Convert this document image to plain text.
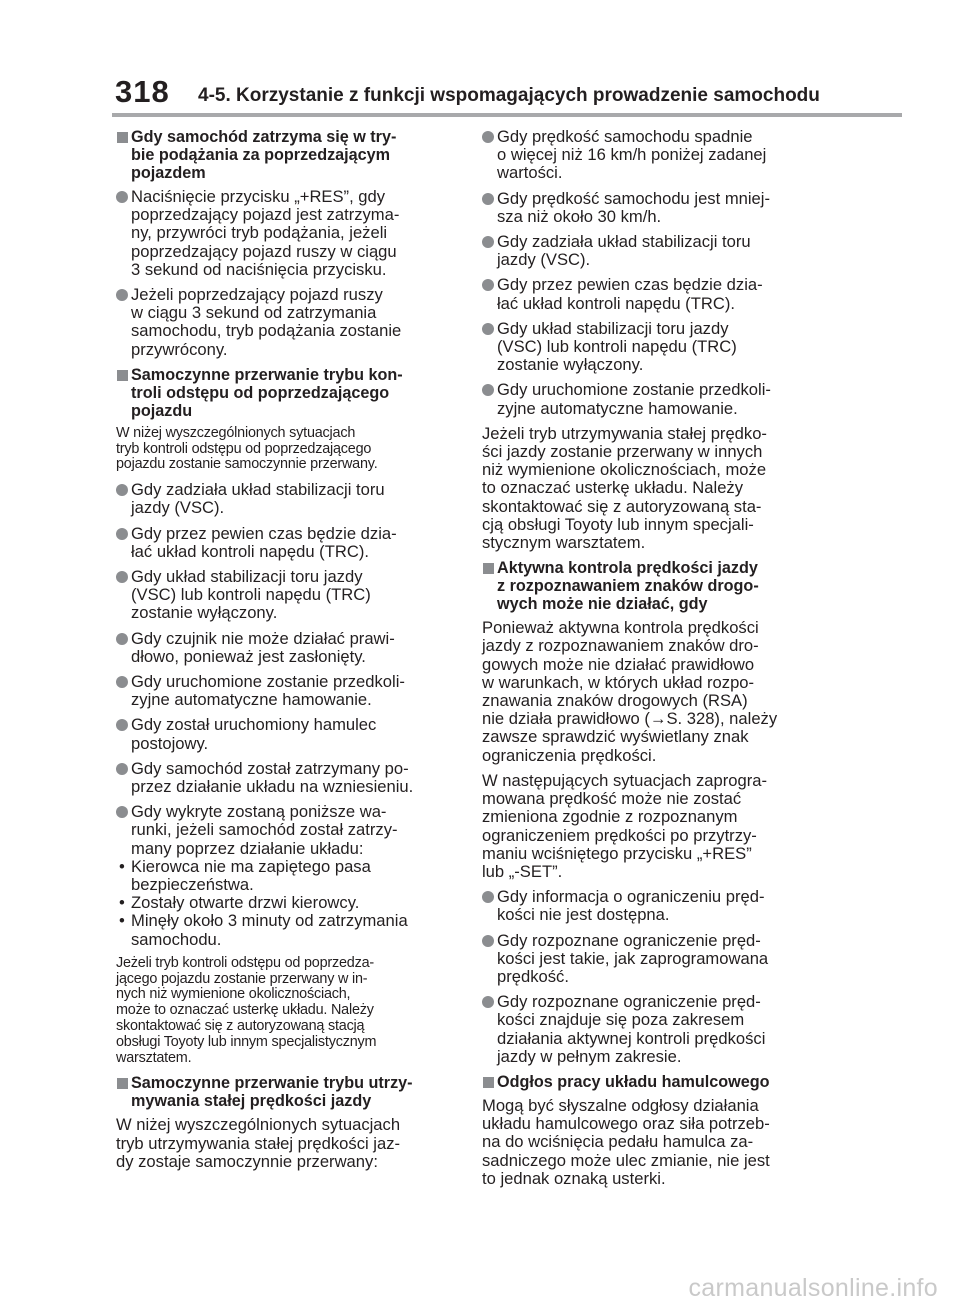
318 4-5. Korzystanie z funkcji wspomagających prowadzenie samochodu
Gdy samochód zatrzyma się w try-
bie podążania za poprzedzającym
pojazdem
Naciśnięcie przycisku „+RES”, gdy
poprzedzający pojazd jest zatrzyma-
ny, przywróci tryb podążania, jeżeli
poprzedzający pojazd ruszy w ciągu
3 sekund od naciśnięcia przycisku.
Jeżeli poprzedzający pojazd ruszy
w ciągu 3 sekund od zatrzymania
samochodu, tryb podążania zostanie
przywrócony.
Samoczynne przerwanie trybu kon-
troli odstępu od poprzedzającego
pojazdu
W niżej wyszczególnionych sytuacjach
tryb kontroli odstępu od poprzedzającego
pojazdu zostanie samoczynnie przerwany.
Gdy zadziała układ stabilizacji toru
jazdy (VSC).
Gdy przez pewien czas będzie dzia-
łać układ kontroli napędu (TRC).
Gdy układ stabilizacji toru jazdy
(VSC) lub kontroli napędu (TRC)
zostanie wyłączony.
Gdy czujnik nie może działać prawi-
dłowo, ponieważ jest zasłonięty.
Gdy uruchomione zostanie przedkoli-
zyjne automatyczne hamowanie.
Gdy został uruchomiony hamulec
postojowy.
Gdy samochód został zatrzymany po-
przez działanie układu na wzniesieniu.
Gdy wykryte zostaną poniższe wa-
runki, jeżeli samochód został zatrzy-
many poprzez działanie układu:
• Kierowca nie ma zapiętego pasa
bezpieczeństwa.
• Zostały otwarte drzwi kierowcy.
• Minęły około 3 minuty od zatrzymania
samochodu.
Jeżeli tryb kontroli odstępu od poprzedza-
jącego pojazdu zostanie przerwany w in-
nych niż wymienione okolicznościach,
może to oznaczać usterkę układu. Należy
skontaktować się z autoryzowaną stacją
obsługi Toyoty lub innym specjalistycznym
warsztatem.
Samoczynne przerwanie trybu utrzy-
mywania stałej prędkości jazdy
W niżej wyszczególnionych sytuacjach
tryb utrzymywania stałej prędkości jaz-
dy zostaje samoczynnie przerwany:
Gdy prędkość samochodu spadnie
o więcej niż 16 km/h poniżej zadanej
wartości.
Gdy prędkość samochodu jest mniej-
sza niż około 30 km/h.
Gdy zadziała układ stabilizacji toru
jazdy (VSC).
Gdy przez pewien czas będzie dzia-
łać układ kontroli napędu (TRC).
Gdy układ stabilizacji toru jazdy
(VSC) lub kontroli napędu (TRC)
zostanie wyłączony.
Gdy uruchomione zostanie przedkoli-
zyjne automatyczne hamowanie.
Jeżeli tryb utrzymywania stałej prędko-
ści jazdy zostanie przerwany w innych
niż wymienione okolicznościach, może
to oznaczać usterkę układu. Należy
skontaktować się z autoryzowaną sta-
cją obsługi Toyoty lub innym specjali-
stycznym warsztatem.
Aktywna kontrola prędkości jazdy
z rozpoznawaniem znaków drogo-
wych może nie działać, gdy
Ponieważ aktywna kontrola prędkości
jazdy z rozpoznawaniem znaków dro-
gowych może nie działać prawidłowo
w warunkach, w których układ rozpo-
znawania znaków drogowych (RSA)
nie działa prawidłowo (→S. 328), należy
zawsze sprawdzić wyświetlany znak
ograniczenia prędkości.
W następujących sytuacjach zaprogra-
mowana prędkość może nie zostać
zmieniona zgodnie z rozpoznanym
ograniczeniem prędkości po przytrzy-
maniu wciśniętego przycisku „+RES”
lub „-SET”.
Gdy informacja o ograniczeniu pręd-
kości nie jest dostępna.
Gdy rozpoznane ograniczenie pręd-
kości jest takie, jak zaprogramowana
prędkość.
Gdy rozpoznane ograniczenie pręd-
kości znajduje się poza zakresem
działania aktywnej kontroli prędkości
jazdy w pełnym zakresie.
Odgłos pracy układu hamulcowego
Mogą być słyszalne odgłosy działania
układu hamulcowego oraz siła potrzeb-
na do wciśnięcia pedału hamulca za-
sadniczego może ulec zmianie, nie jest
to jednak oznaką usterki.
carmanualsonline.info
